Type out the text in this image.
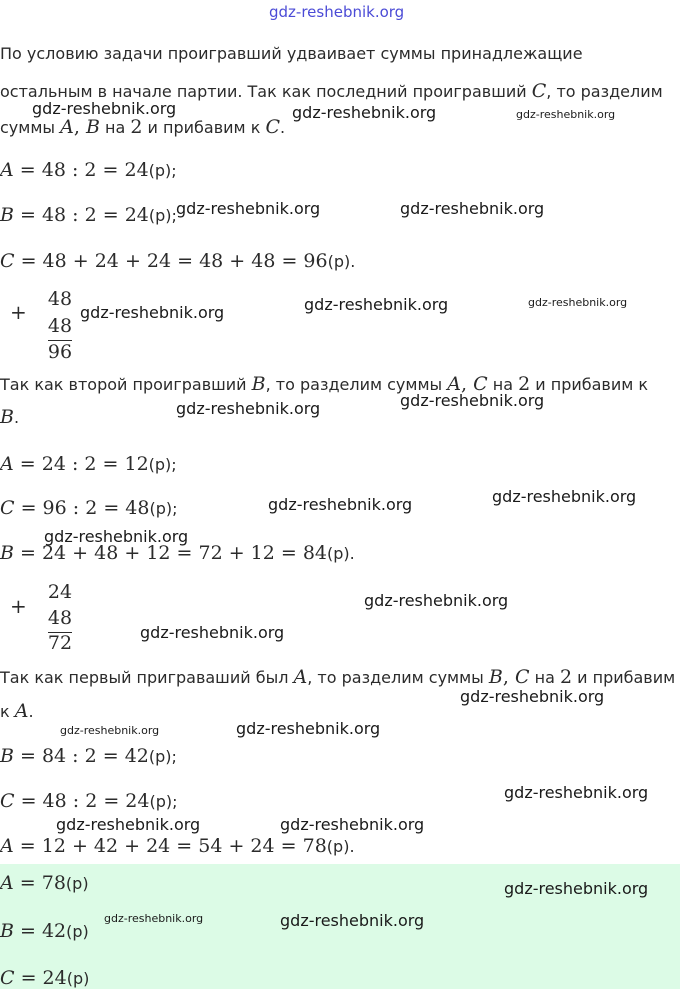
gdz-reshebnik.org
По условию задачи проигравший удваивает суммы принадлежащие
остальным в начале партии. Так как последний проигравший C, то разделим
суммы A, B на 2 и прибавим к C.
A = 48 : 2 = 24(р);
B = 48 : 2 = 24(р);
C = 48 + 24 + 24 = 48 + 48 = 96(р).
+
48
48
96
Так как второй проигравший B, то разделим суммы A, C на 2 и прибавим к
B.
A = 24 : 2 = 12(р);
C = 96 : 2 = 48(р);
B = 24 + 48 + 12 = 72 + 12 = 84(р).
+
24
48
72
Так как первый приграваший был A, то разделим суммы B, C на 2 и прибавим
к A.
B = 84 : 2 = 42(р);
C = 48 : 2 = 24(р);
A = 12 + 42 + 24 = 54 + 24 = 78(р).
A = 78(р)
B = 42(р)
C = 24(р)
gdz-reshebnik.org	gdz-reshebnik.org	gdz-reshebnik.org
gdz-reshebnik.org	gdz-reshebnik.org
gdz-reshebnik.org	gdz-reshebnik.org	gdz-reshebnik.org
gdz-reshebnik.org	gdz-reshebnik.org
gdz-reshebnik.org	gdz-reshebnik.org
gdz-reshebnik.org
gdz-reshebnik.org
gdz-reshebnik.org
gdz-reshebnik.org
gdz-reshebnik.org	gdz-reshebnik.org
gdz-reshebnik.org
gdz-reshebnik.org	gdz-reshebnik.org
gdz-reshebnik.org
gdz-reshebnik.org	gdz-reshebnik.org
